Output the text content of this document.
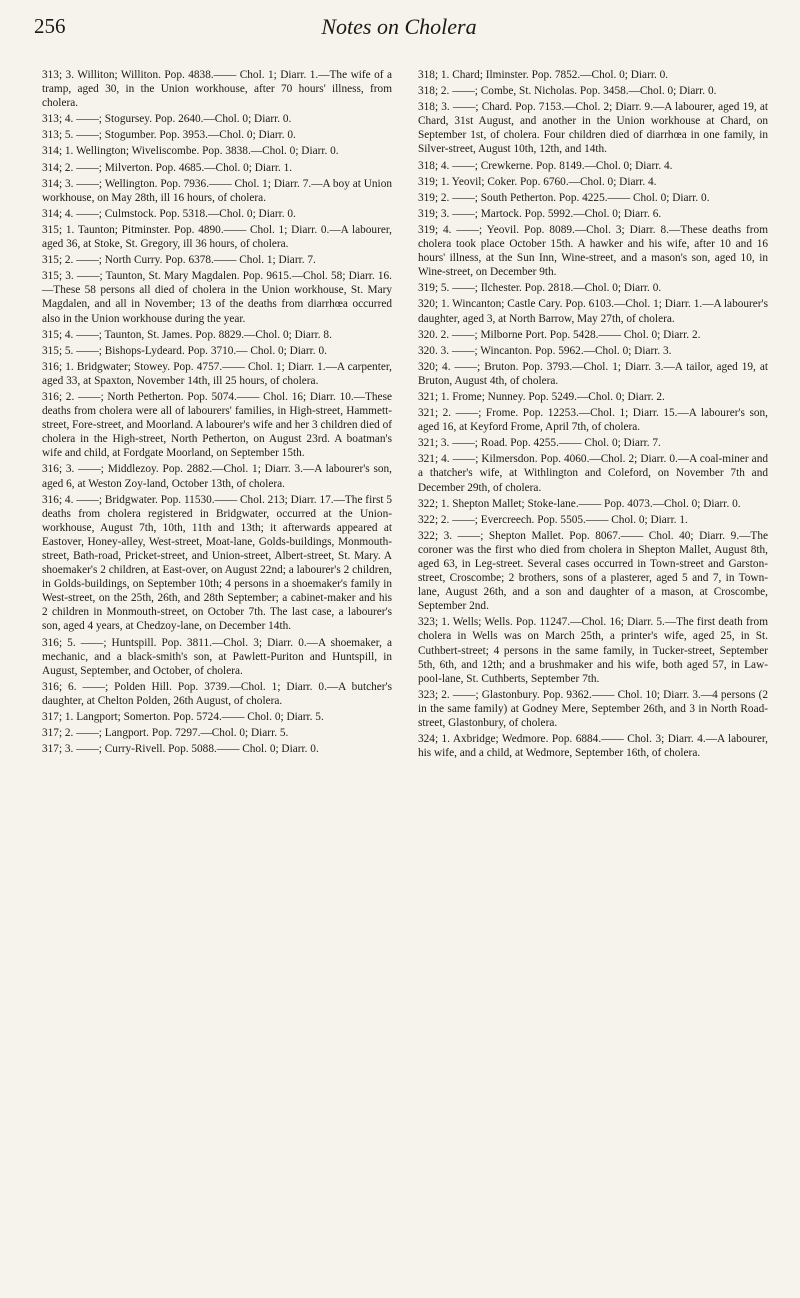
256	Notes on Cholera

313; 3. Williton; Williton. Pop. 4838.—— Chol. 1; Diarr. 1.—The wife of a tramp, aged 30, in the Union workhouse, after 70 hours' illness, from cholera.

313; 4. ——; Stogursey. Pop. 2640.—Chol. 0; Diarr. 0.

313; 5. ——; Stogumber. Pop. 3953.—Chol. 0; Diarr. 0.

314; 1. Wellington; Wiveliscombe. Pop. 3838.—Chol. 0; Diarr. 0.

314; 2. ——; Milverton. Pop. 4685.—Chol. 0; Diarr. 1.

314; 3. ——; Wellington. Pop. 7936.—— Chol. 1; Diarr. 7.—A boy at Union workhouse, on May 28th, ill 16 hours, of cholera.

314; 4. ——; Culmstock. Pop. 5318.—Chol. 0; Diarr. 0.

315; 1. Taunton; Pitminster. Pop. 4890.—— Chol. 1; Diarr. 0.—A labourer, aged 36, at Stoke, St. Gregory, ill 36 hours, of cholera.

315; 2. ——; North Curry. Pop. 6378.—— Chol. 1; Diarr. 7.

315; 3. ——; Taunton, St. Mary Magdalen. Pop. 9615.—Chol. 58; Diarr. 16.—These 58 persons all died of cholera in the Union workhouse, St. Mary Magdalen, and all in November; 13 of the deaths from diarrhœa occurred also in the Union workhouse during the year.

315; 4. ——; Taunton, St. James. Pop. 8829.—Chol. 0; Diarr. 8.

315; 5. ——; Bishops-Lydeard. Pop. 3710.— Chol. 0; Diarr. 0.

316; 1. Bridgwater; Stowey. Pop. 4757.—— Chol. 1; Diarr. 1.—A carpenter, aged 33, at Spaxton, November 14th, ill 25 hours, of cholera.

316; 2. ——; North Petherton. Pop. 5074.—— Chol. 16; Diarr. 10.—These deaths from cholera were all of labourers' families, in High-street, Hammett-street, Fore-street, and Moorland. A labourer's wife and her 3 children died of cholera in the High-street, North Petherton, on August 23rd. A boatman's wife and child, at Fordgate Moorland, on September 15th.

316; 3. ——; Middlezoy. Pop. 2882.—Chol. 1; Diarr. 3.—A labourer's son, aged 6, at Weston Zoy-land, October 13th, of cholera.

316; 4. ——; Bridgwater. Pop. 11530.—— Chol. 213; Diarr. 17.—The first 5 deaths from cholera registered in Bridgwater, occurred at the Union-workhouse, August 7th, 10th, 11th and 13th; it afterwards appeared at Eastover, Honey-alley, West-street, Moat-lane, Golds-buildings, Monmouth-street, Bath-road, Pricket-street, and Union-street, Albert-street, St. Mary. A shoemaker's 2 children, at East-over, on August 22nd; a labourer's 2 children, in Golds-buildings, on September 10th; 4 persons in a shoemaker's family in West-street, on the 25th, 26th, and 28th September; a cabinet-maker and his 2 children in Monmouth-street, on October 7th. The last case, a labourer's son, aged 4 years, at Chedzoy-lane, on December 14th.

316; 5. ——; Huntspill. Pop. 3811.—Chol. 3; Diarr. 0.—A shoemaker, a mechanic, and a black-smith's son, at Pawlett-Puriton and Huntspill, in August, September, and October, of cholera.

316; 6. ——; Polden Hill. Pop. 3739.—Chol. 1; Diarr. 0.—A butcher's daughter, at Chelton Polden, 26th August, of cholera.

317; 1. Langport; Somerton. Pop. 5724.—— Chol. 0; Diarr. 5.

317; 2. ——; Langport. Pop. 7297.—Chol. 0; Diarr. 5.

317; 3. ——; Curry-Rivell. Pop. 5088.—— Chol. 0; Diarr. 0.

318; 1. Chard; Ilminster. Pop. 7852.—Chol. 0; Diarr. 0.

318; 2. ——; Combe, St. Nicholas. Pop. 3458.—Chol. 0; Diarr. 0.

318; 3. ——; Chard. Pop. 7153.—Chol. 2; Diarr. 9.—A labourer, aged 19, at Chard, 31st August, and another in the Union workhouse at Chard, on September 1st, of cholera. Four children died of diarrhœa in one family, in Silver-street, August 10th, 12th, and 14th.

318; 4. ——; Crewkerne. Pop. 8149.—Chol. 0; Diarr. 4.

319; 1. Yeovil; Coker. Pop. 6760.—Chol. 0; Diarr. 4.

319; 2. ——; South Petherton. Pop. 4225.—— Chol. 0; Diarr. 0.

319; 3. ——; Martock. Pop. 5992.—Chol. 0; Diarr. 6.

319; 4. ——; Yeovil. Pop. 8089.—Chol. 3; Diarr. 8.—These deaths from cholera took place October 15th. A hawker and his wife, after 10 and 16 hours' illness, at the Sun Inn, Wine-street, and a mason's son, aged 10, in Wine-street, on December 9th.

319; 5. ——; Ilchester. Pop. 2818.—Chol. 0; Diarr. 0.

320; 1. Wincanton; Castle Cary. Pop. 6103.—Chol. 1; Diarr. 1.—A labourer's daughter, aged 3, at North Barrow, May 27th, of cholera.

320. 2. ——; Milborne Port. Pop. 5428.—— Chol. 0; Diarr. 2.

320. 3. ——; Wincanton. Pop. 5962.—Chol. 0; Diarr. 3.

320; 4. ——; Bruton. Pop. 3793.—Chol. 1; Diarr. 3.—A tailor, aged 19, at Bruton, August 4th, of cholera.

321; 1. Frome; Nunney. Pop. 5249.—Chol. 0; Diarr. 2.

321; 2. ——; Frome. Pop. 12253.—Chol. 1; Diarr. 15.—A labourer's son, aged 16, at Keyford Frome, April 7th, of cholera.

321; 3. ——; Road. Pop. 4255.—— Chol. 0; Diarr. 7.

321; 4. ——; Kilmersdon. Pop. 4060.—Chol. 2; Diarr. 0.—A coal-miner and a thatcher's wife, at Withlington and Coleford, on November 7th and December 29th, of cholera.

322; 1. Shepton Mallet; Stoke-lane.—— Pop. 4073.—Chol. 0; Diarr. 0.

322; 2. ——; Evercreech. Pop. 5505.—— Chol. 0; Diarr. 1.

322; 3. ——; Shepton Mallet. Pop. 8067.—— Chol. 40; Diarr. 9.—The coroner was the first who died from cholera in Shepton Mallet, August 8th, aged 63, in Leg-street. Several cases occurred in Town-street and Garston-street, Croscombe; 2 brothers, sons of a plasterer, aged 5 and 7, in Town-lane, August 26th, and a son and daughter of a mason, at Croscombe, September 2nd.

323; 1. Wells; Wells. Pop. 11247.—Chol. 16; Diarr. 5.—The first death from cholera in Wells was on March 25th, a printer's wife, aged 25, in St. Cuthbert-street; 4 persons in the same family, in Tucker-street, September 5th, 6th, and 12th; and a brushmaker and his wife, both aged 57, in Law-pool-lane, St. Cuthberts, September 7th.

323; 2. ——; Glastonbury. Pop. 9362.—— Chol. 10; Diarr. 3.—4 persons (2 in the same family) at Godney Mere, September 26th, and 3 in North Road-street, Glastonbury, of cholera.

324; 1. Axbridge; Wedmore. Pop. 6884.—— Chol. 3; Diarr. 4.—A labourer, his wife, and a child, at Wedmore, September 16th, of cholera.
